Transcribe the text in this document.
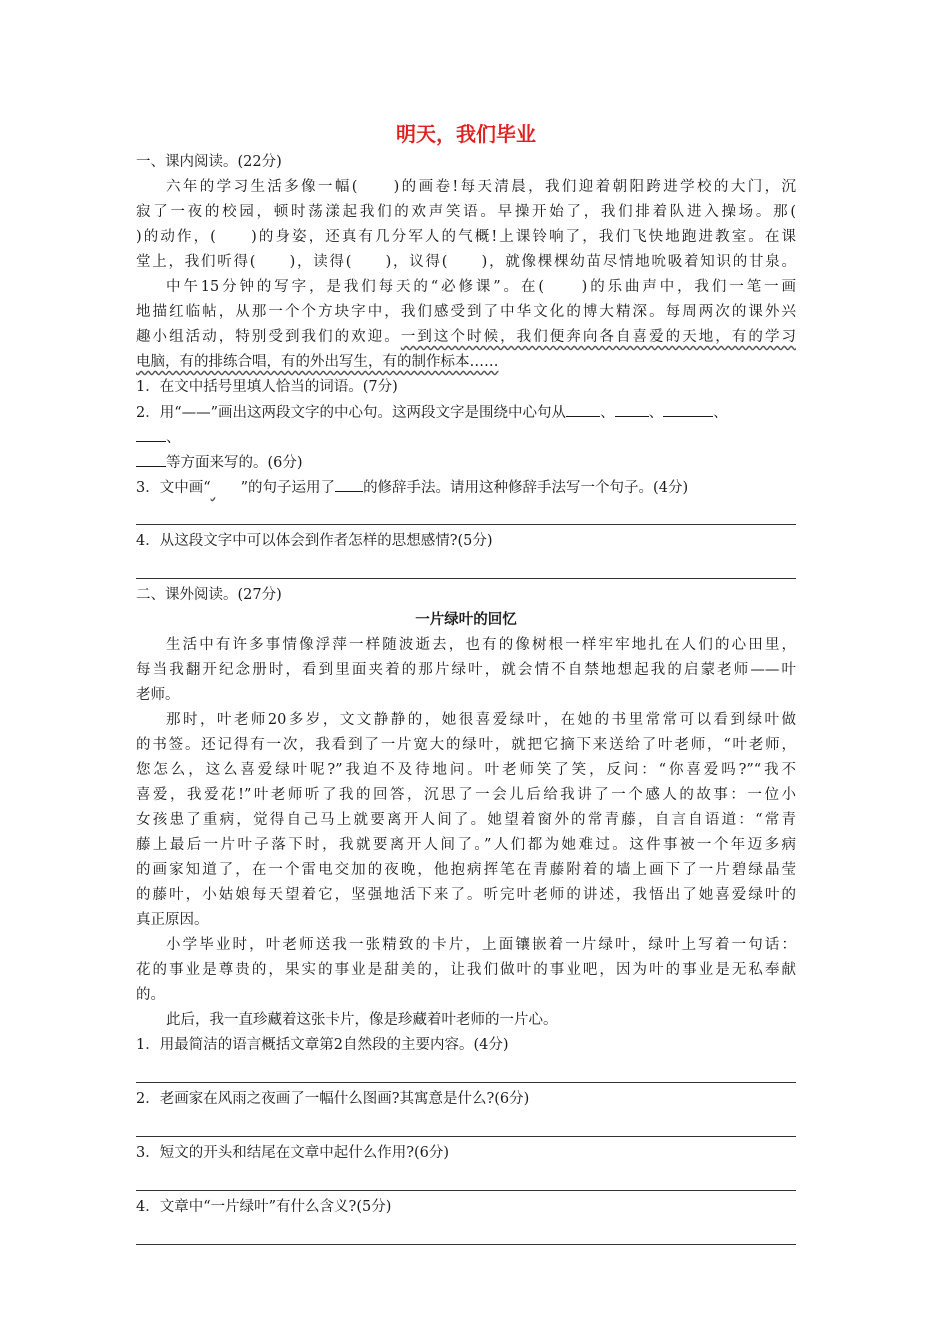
明天，我们毕业
一、课内阅读。(22分)
六年的学习生活多像一幅(　　)的画卷!每天清晨，我们迎着朝阳跨进学校的大门，沉
寂了一夜的校园，顿时荡漾起我们的欢声笑语。早操开始了，我们排着队进入操场。那(
)的动作，(　　)的身姿，还真有几分军人的气概!上课铃响了，我们飞快地跑进教室。在课
堂上，我们听得(　　)，读得(　　)，议得(　　)，就像棵棵幼苗尽情地吮吸着知识的甘泉。
中午15分钟的写字，是我们每天的“必修课”。在(　　)的乐曲声中，我们一笔一画
地描红临帖，从那一个个方块字中，我们感受到了中华文化的博大精深。每周两次的课外兴
趣小组活动，特别受到我们的欢迎。一到这个时候，我们便奔向各自喜爱的天地，有的学习
电脑，有的排练合唱，有的外出写生，有的制作标本……
1．在文中括号里填人恰当的词语。(7分)
2．用“——”画出这两段文字的中心句。这两段文字是围绕中心句从 、 、	、
、
等方面来写的。(6分)
3．文中画“ ”的句子运用了 的修辞手法。请用这种修辞手法写一个句子。(4分)
4．从这段文字中可以体会到作者怎样的思想感情?(5分)
二、课外阅读。(27分)
一片绿叶的回忆
生活中有许多事情像浮萍一样随波逝去，也有的像树根一样牢牢地扎在人们的心田里，
每当我翻开纪念册时，看到里面夹着的那片绿叶，就会情不自禁地想起我的启蒙老师——叶
老师。
那时，叶老师20多岁，文文静静的，她很喜爱绿叶，在她的书里常常可以看到绿叶做
的书签。还记得有一次，我看到了一片宽大的绿叶，就把它摘下来送给了叶老师，“叶老师，
您怎么，这么喜爱绿叶呢?”我迫不及待地问。叶老师笑了笑，反问：“你喜爱吗?”“我不
喜爱，我爱花!”叶老师听了我的回答，沉思了一会儿后给我讲了一个感人的故事：一位小
女孩患了重病，觉得自己马上就要离开人间了。她望着窗外的常青藤，自言自语道：“常青
藤上最后一片叶子落下时，我就要离开人间了。”人们都为她难过。这件事被一个年迈多病
的画家知道了，在一个雷电交加的夜晚，他抱病挥笔在青藤附着的墙上画下了一片碧绿晶莹
的藤叶，小姑娘每天望着它，坚强地活下来了。听完叶老师的讲述，我悟出了她喜爱绿叶的
真正原因。
小学毕业时，叶老师送我一张精致的卡片，上面镶嵌着一片绿叶，绿叶上写着一句话：
花的事业是尊贵的，果实的事业是甜美的，让我们做叶的事业吧，因为叶的事业是无私奉献
的。
此后，我一直珍藏着这张卡片，像是珍藏着叶老师的一片心。
1．用最简洁的语言概括文章第2自然段的主要内容。(4分)
2．老画家在风雨之夜画了一幅什么图画?其寓意是什么?(6分)
3．短文的开头和结尾在文章中起什么作用?(6分)
4．文章中“一片绿叶”有什么含义?(5分)
